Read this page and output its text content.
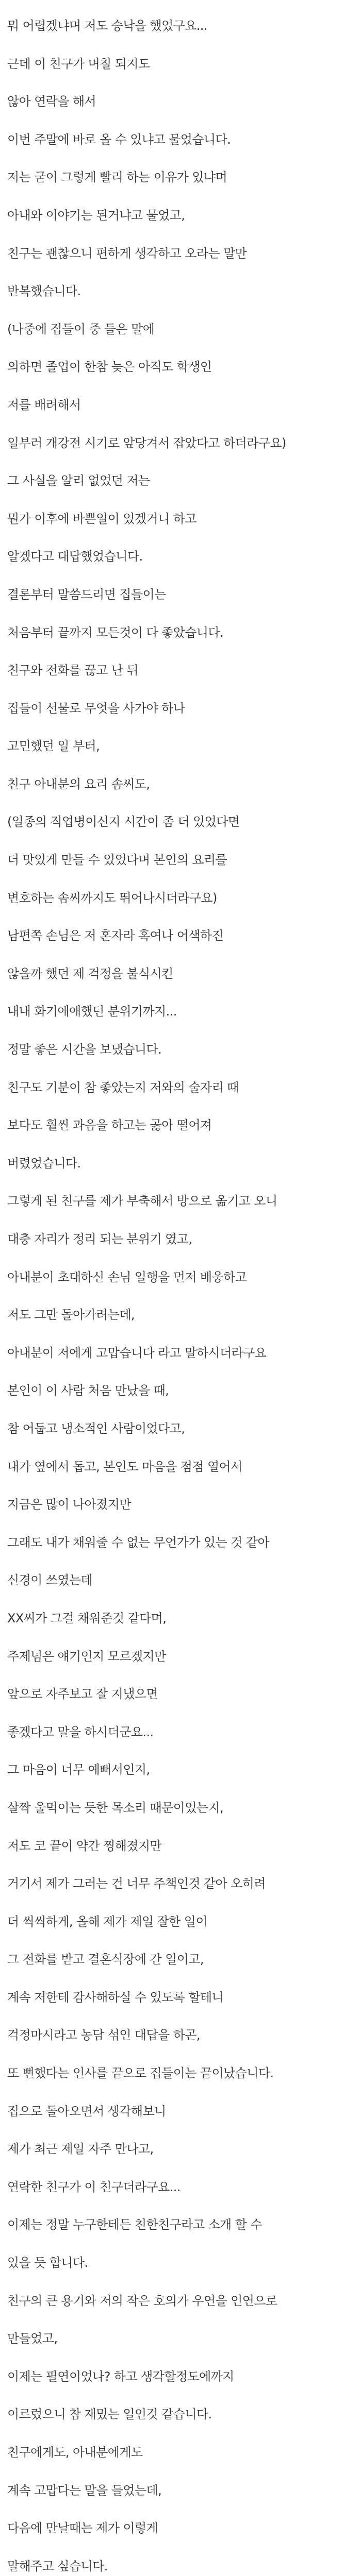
뭐 어렵겠냐며 저도 승낙을 했었구요...
근데 이 친구가 며칠 되지도
않아 연락을 해서
이번 주말에 바로 올 수 있냐고 물었습니다.
저는 굳이 그렇게 빨리 하는 이유가 있냐며
아내와 이야기는 된거냐고 물었고,
친구는 괜찮으니 편하게 생각하고 오라는 말만
반복했습니다.
(나중에 집들이 중 들은 말에
의하면 졸업이 한참 늦은 아직도 학생인
저를 배려해서
일부러 개강전 시기로 앞당겨서 잡았다고 하더라구요)
그 사실을 알리 없었던 저는
뭔가 이후에 바쁜일이 있겠거니 하고
알겠다고 대답했었습니다.
결론부터 말씀드리면 집들이는
처음부터 끝까지 모든것이 다 좋았습니다.
친구와 전화를 끊고 난 뒤
집들이 선물로 무엇을 사가야 하나
고민했던 일 부터,
친구 아내분의 요리 솜씨도,
(일종의 직업병이신지 시간이 좀 더 있었다면
더 맛있게 만들 수 있었다며 본인의 요리를
변호하는 솜씨까지도 뛰어나시더라구요)
남편쪽 손님은 저 혼자라 혹여나 어색하진
않을까 했던 제 걱정을 불식시킨
내내 화기애애했던 분위기까지...
정말 좋은 시간을 보냈습니다.
친구도 기분이 참 좋았는지 저와의 술자리 때
보다도 훨씬 과음을 하고는 곯아 떨어져
버렸었습니다.
그렇게 된 친구를 제가 부축해서 방으로 옮기고 오니
대충 자리가 정리 되는 분위기 였고,
아내분이 초대하신 손님 일행을 먼저 배웅하고
저도 그만 돌아가려는데,
아내분이 저에게 고맙습니다 라고 말하시더라구요
본인이 이 사람 처음 만났을 때,
참 어둡고 냉소적인 사람이었다고,
내가 옆에서 돕고, 본인도 마음을 점점 열어서
지금은 많이 나아졌지만
그래도 내가 채워줄 수 없는 무언가가 있는 것 같아
신경이 쓰였는데
XX씨가 그걸 채워준것 같다며,
주제넘은 얘기인지 모르겠지만
앞으로 자주보고 잘 지냈으면
좋겠다고 말을 하시더군요...
그 마음이 너무 예뻐서인지,
살짝 울먹이는 듯한 목소리 때문이었는지,
저도 코 끝이 약간 찡해졌지만
거기서 제가 그러는 건 너무 주책인것 같아 오히려
더 씩씩하게, 올해 제가 제일 잘한 일이
그 전화를 받고 결혼식장에 간 일이고,
계속 저한테 감사해하실 수 있도록 할테니
걱정마시라고 농담 섞인 대답을 하곤,
또 뻔했다는 인사를 끝으로 집들이는 끝이났습니다.
집으로 돌아오면서 생각해보니
제가 최근 제일 자주 만나고,
연락한 친구가 이 친구더라구요...
이제는 정말 누구한테든 친한친구라고 소개 할 수
있을 듯 합니다.
친구의 큰 용기와 저의 작은 호의가 우연을 인연으로
만들었고,
이제는 필연이었나? 하고 생각할정도에까지
이르렀으니 참 재밌는 일인것 같습니다.
친구에게도, 아내분에게도
계속 고맙다는 말을 들었는데,
다음에 만날때는 제가 이렇게
말해주고 싶습니다.
